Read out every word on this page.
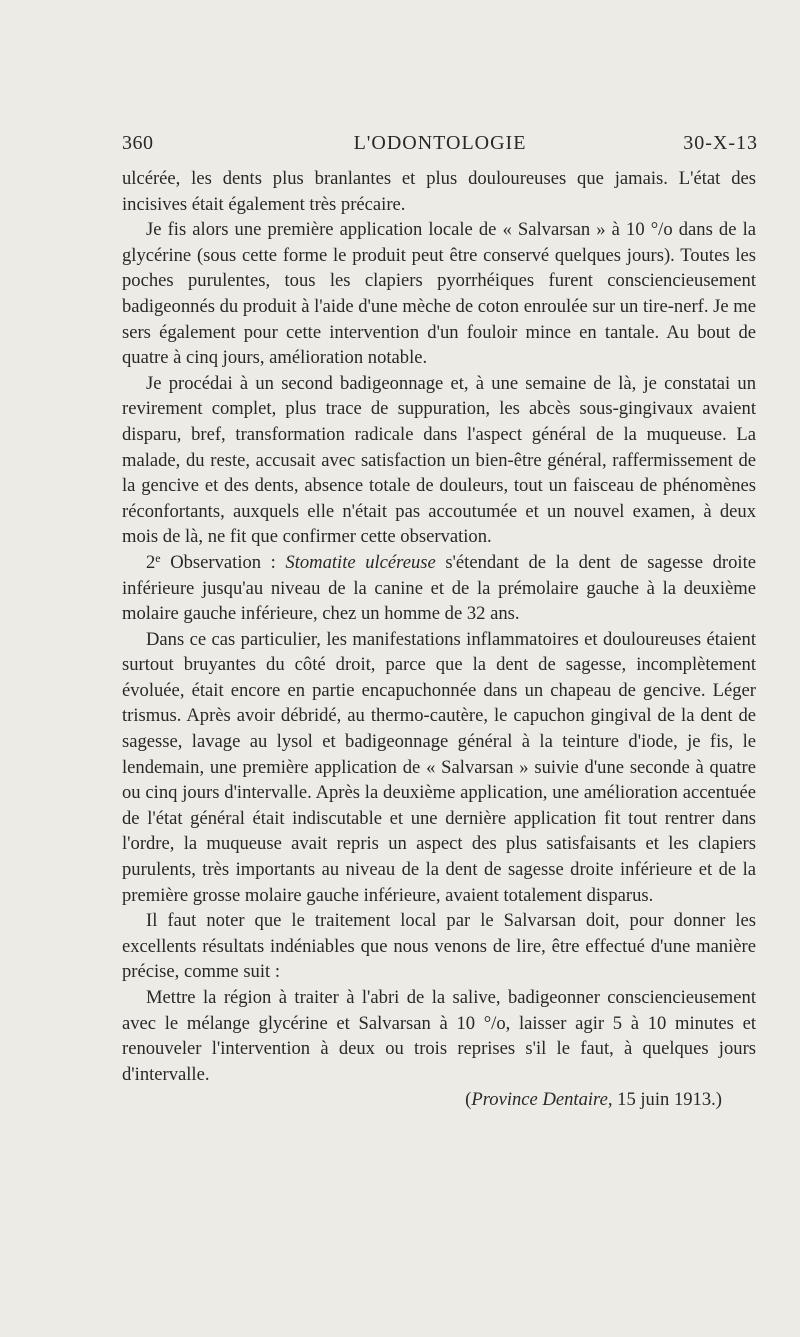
360	L'ODONTOLOGIE	30-X-13

ulcérée, les dents plus branlantes et plus douloureuses que jamais. L'état des incisives était également très précaire.

Je fis alors une première application locale de « Salvarsan » à 10 °/o dans de la glycérine (sous cette forme le produit peut être conservé quelques jours). Toutes les poches purulentes, tous les clapiers pyorrhéiques furent consciencieusement badigeonnés du produit à l'aide d'une mèche de coton enroulée sur un tire-nerf. Je me sers également pour cette intervention d'un fouloir mince en tantale. Au bout de quatre à cinq jours, amélioration notable.

Je procédai à un second badigeonnage et, à une semaine de là, je constatai un revirement complet, plus trace de suppuration, les abcès sous-gingivaux avaient disparu, bref, transformation radicale dans l'aspect général de la muqueuse. La malade, du reste, accusait avec satisfaction un bien-être général, raffermissement de la gencive et des dents, absence totale de douleurs, tout un faisceau de phénomènes réconfortants, auxquels elle n'était pas accoutumée et un nouvel examen, à deux mois de là, ne fit que confirmer cette observation.

2e Observation : Stomatite ulcéreuse s'étendant de la dent de sagesse droite inférieure jusqu'au niveau de la canine et de la prémolaire gauche à la deuxième molaire gauche inférieure, chez un homme de 32 ans.

Dans ce cas particulier, les manifestations inflammatoires et douloureuses étaient surtout bruyantes du côté droit, parce que la dent de sagesse, incomplètement évoluée, était encore en partie encapuchonnée dans un chapeau de gencive. Léger trismus. Après avoir débridé, au thermo-cautère, le capuchon gingival de la dent de sagesse, lavage au lysol et badigeonnage général à la teinture d'iode, je fis, le lendemain, une première application de « Salvarsan » suivie d'une seconde à quatre ou cinq jours d'intervalle. Après la deuxième application, une amélioration accentuée de l'état général était indiscutable et une dernière application fit tout rentrer dans l'ordre, la muqueuse avait repris un aspect des plus satisfaisants et les clapiers purulents, très importants au niveau de la dent de sagesse droite inférieure et de la première grosse molaire gauche inférieure, avaient totalement disparus.

Il faut noter que le traitement local par le Salvarsan doit, pour donner les excellents résultats indéniables que nous venons de lire, être effectué d'une manière précise, comme suit :

Mettre la région à traiter à l'abri de la salive, badigeonner consciencieusement avec le mélange glycérine et Salvarsan à 10 °/o, laisser agir 5 à 10 minutes et renouveler l'intervention à deux ou trois reprises s'il le faut, à quelques jours d'intervalle.

(Province Dentaire, 15 juin 1913.)
